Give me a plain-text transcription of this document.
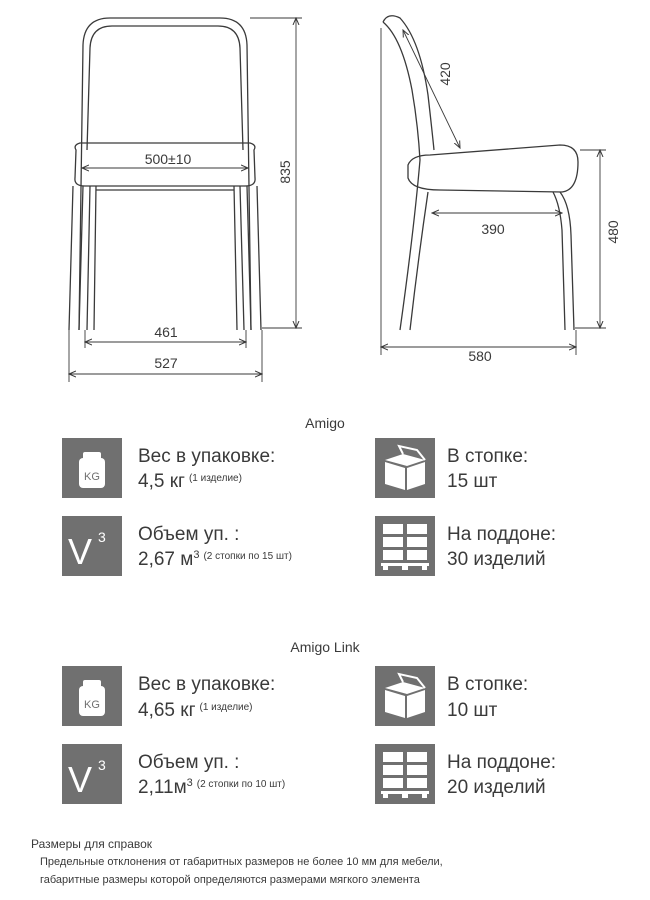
500±10
835
461
527
420
390	480
580
Amigo
KG
Вес в упаковке:
4,5 кг $^{(1 изделие)}$
В стопке:
15 шт
V 3 Объем уп. :
2,67 $м^3$ $^{(2 стопки по 15 шт)}$
На поддоне:
30 изделий
Amigo Link
KG
Вес в упаковке:
4,65 кг $^{(1 изделие)}$
В стопке:
10 шт
V 3 Объем уп. :
$2,11м^3$ $^{(2 стопки по 10 шт)}$
На поддоне:
20 изделий
Размеры для справок
Предельные отклонения от габаритных размеров не более 10 мм для мебели,
габаритные размеры которой определяются размерами мягкого элемента
